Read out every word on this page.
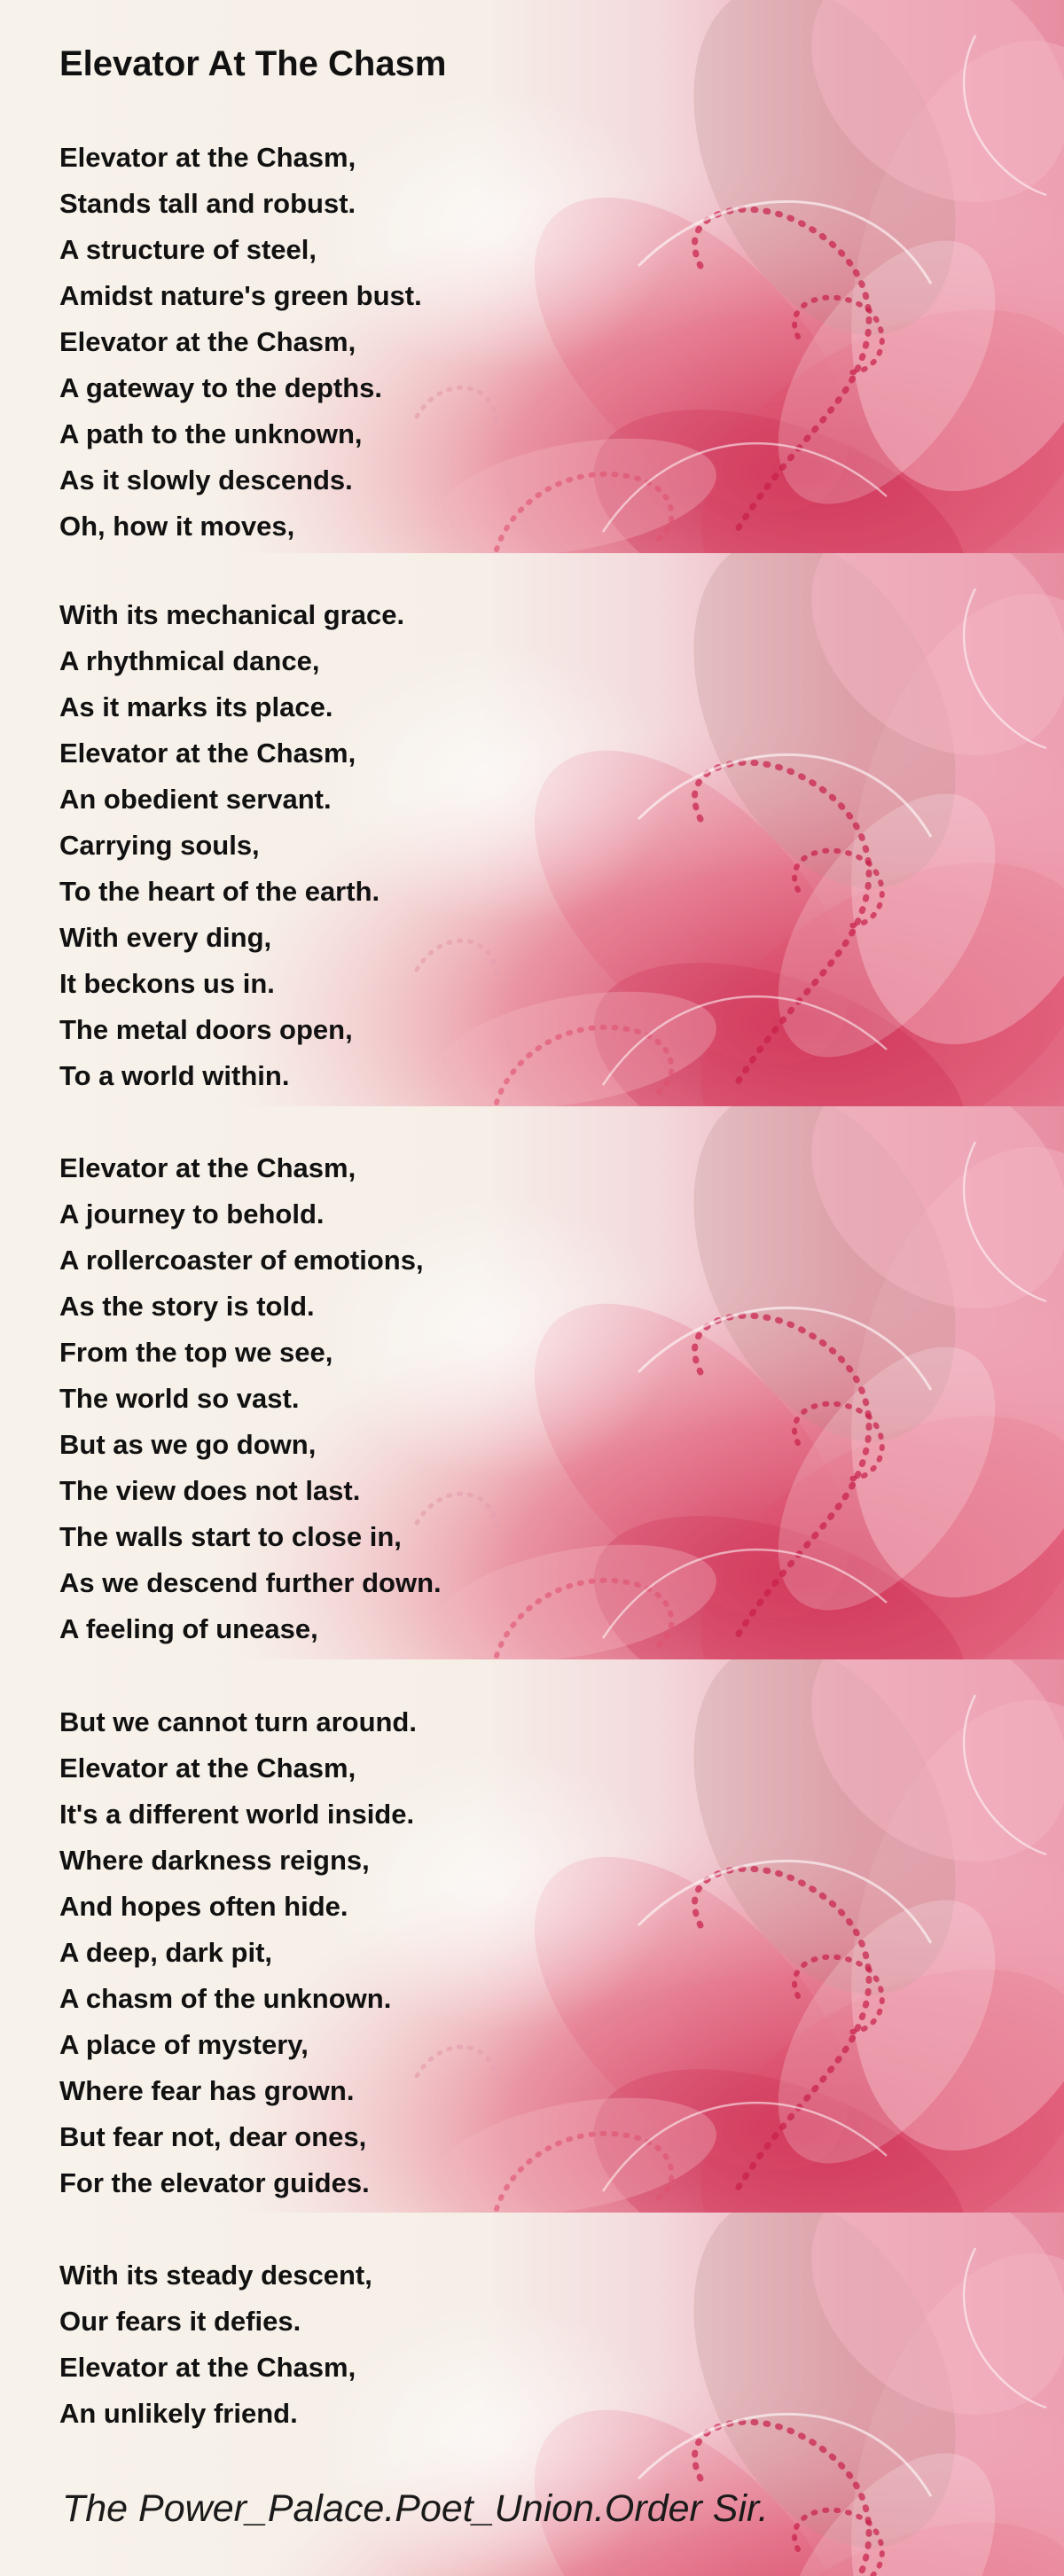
Elevator At The Chasm
Elevator at the Chasm,
Stands tall and robust.
A structure of steel,
Amidst nature's green bust.
Elevator at the Chasm,
A gateway to the depths.
A path to the unknown,
As it slowly descends.
Oh, how it moves,
With its mechanical grace.
A rhythmical dance,
As it marks its place.
Elevator at the Chasm,
An obedient servant.
Carrying souls,
To the heart of the earth.
With every ding,
It beckons us in.
The metal doors open,
To a world within.
Elevator at the Chasm,
A journey to behold.
A rollercoaster of emotions,
As the story is told.
From the top we see,
The world so vast.
But as we go down,
The view does not last.
The walls start to close in,
As we descend further down.
A feeling of unease,
But we cannot turn around.
Elevator at the Chasm,
It's a different world inside.
Where darkness reigns,
And hopes often hide.
A deep, dark pit,
A chasm of the unknown.
A place of mystery,
Where fear has grown.
But fear not, dear ones,
For the elevator guides.
With its steady descent,
Our fears it defies.
Elevator at the Chasm,
An unlikely friend.

The Power_Palace.Poet_Union.Order Sir.
